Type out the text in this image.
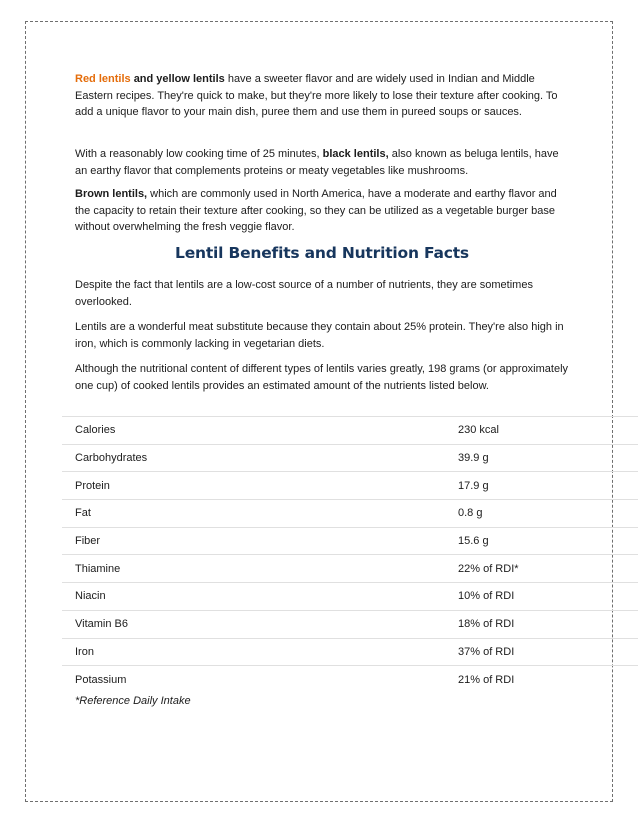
Red lentils and yellow lentils have a sweeter flavor and are widely used in Indian and Middle Eastern recipes. They're quick to make, but they're more likely to lose their texture after cooking. To add a unique flavor to your main dish, puree them and use them in pureed soups or sauces.

With a reasonably low cooking time of 25 minutes, black lentils, also known as beluga lentils, have an earthy flavor that complements proteins or meaty vegetables like mushrooms.

Brown lentils, which are commonly used in North America, have a moderate and earthy flavor and the capacity to retain their texture after cooking, so they can be utilized as a vegetable burger base without overwhelming the fresh veggie flavor.

Lentil Benefits and Nutrition Facts

Despite the fact that lentils are a low-cost source of a number of nutrients, they are sometimes overlooked.

Lentils are a wonderful meat substitute because they contain about 25% protein. They're also high in iron, which is commonly lacking in vegetarian diets.

Although the nutritional content of different types of lentils varies greatly, 198 grams (or approximately one cup) of cooked lentils provides an estimated amount of the nutrients listed below.

Calories	230 kcal
Carbohydrates	39.9 g
Protein	17.9 g
Fat	0.8 g
Fiber	15.6 g
Thiamine	22% of RDI*
Niacin	10% of RDI
Vitamin B6	18% of RDI
Iron	37% of RDI
Potassium	21% of RDI
*Reference Daily Intake
